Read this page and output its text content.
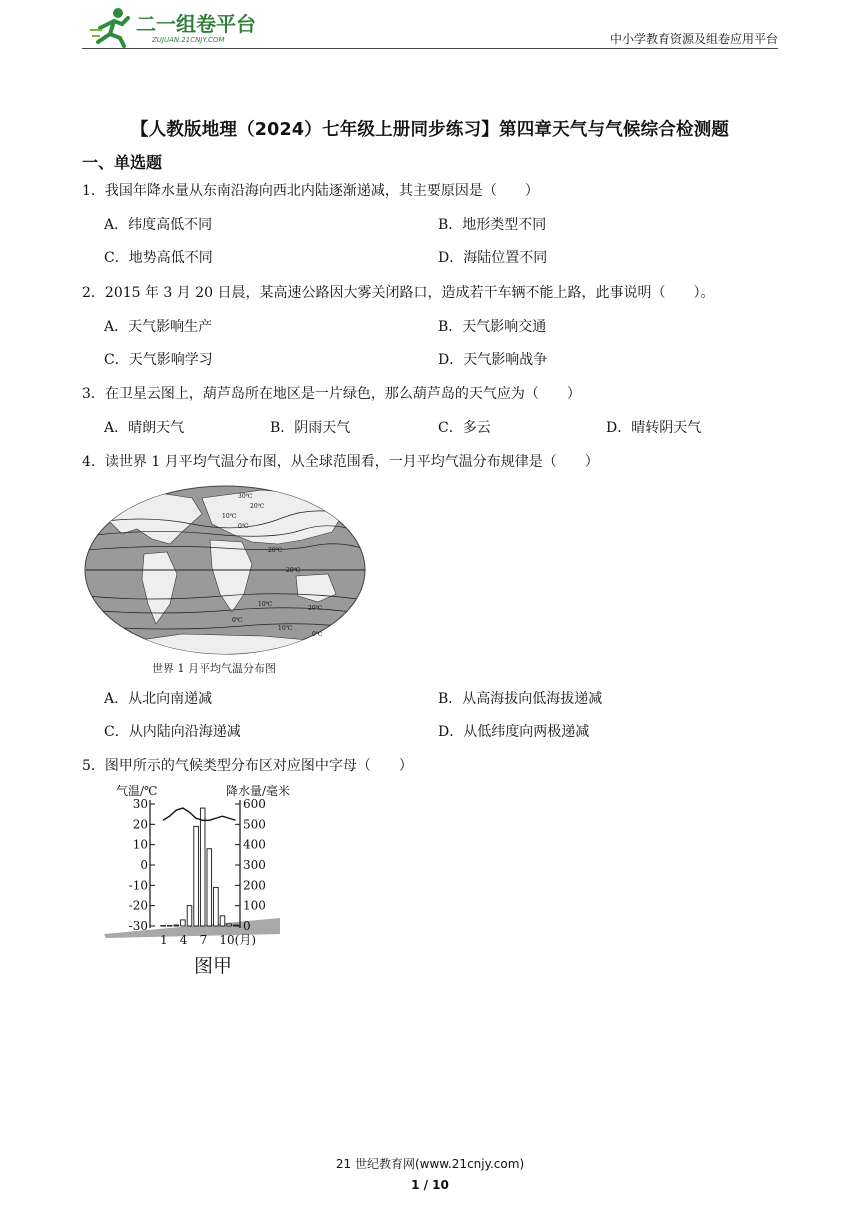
二一组卷平台
ZUJUAN.21CNJY.COM	中小学教育资源及组卷应用平台
【人教版地理（2024）七年级上册同步练习】第四章天气与气候综合检测题
一、单选题
1．我国年降水量从东南沿海向西北内陆逐渐递减，其主要原因是（　　）
A．纬度高低不同	B．地形类型不同
C．地势高低不同	D．海陆位置不同
2．2015 年 3 月 20 日晨，某高速公路因大雾关闭路口，造成若干车辆不能上路，此事说明（　　）。
A．天气影响生产	B．天气影响交通
C．天气影响学习	D．天气影响战争
3．在卫星云图上，葫芦岛所在地区是一片绿色，那么葫芦岛的天气应为（　　）
A．晴朗天气	B．阴雨天气	C．多云	D．晴转阴天气
4．读世界 1 月平均气温分布图，从全球范围看，一月平均气温分布规律是（　　）
30℃
20℃
10℃
0℃
20℃
20℃
10℃
0℃
20℃
10℃
0℃
世界 1 月平均气温分布图
A．从北向南递减	B．从高海拔向低海拔递减
C．从内陆向沿海递减	D．从低纬度向两极递减
5．图甲所示的气候类型分布区对应图中字母（　　）
气温/℃	降水量/毫米
30
20
10
0
-10
-20
-30
600
500
400
300
200
100
0
1 4 7 10(月)
图甲
21 世纪教育网(www.21cnjy.com)
1 / 10
